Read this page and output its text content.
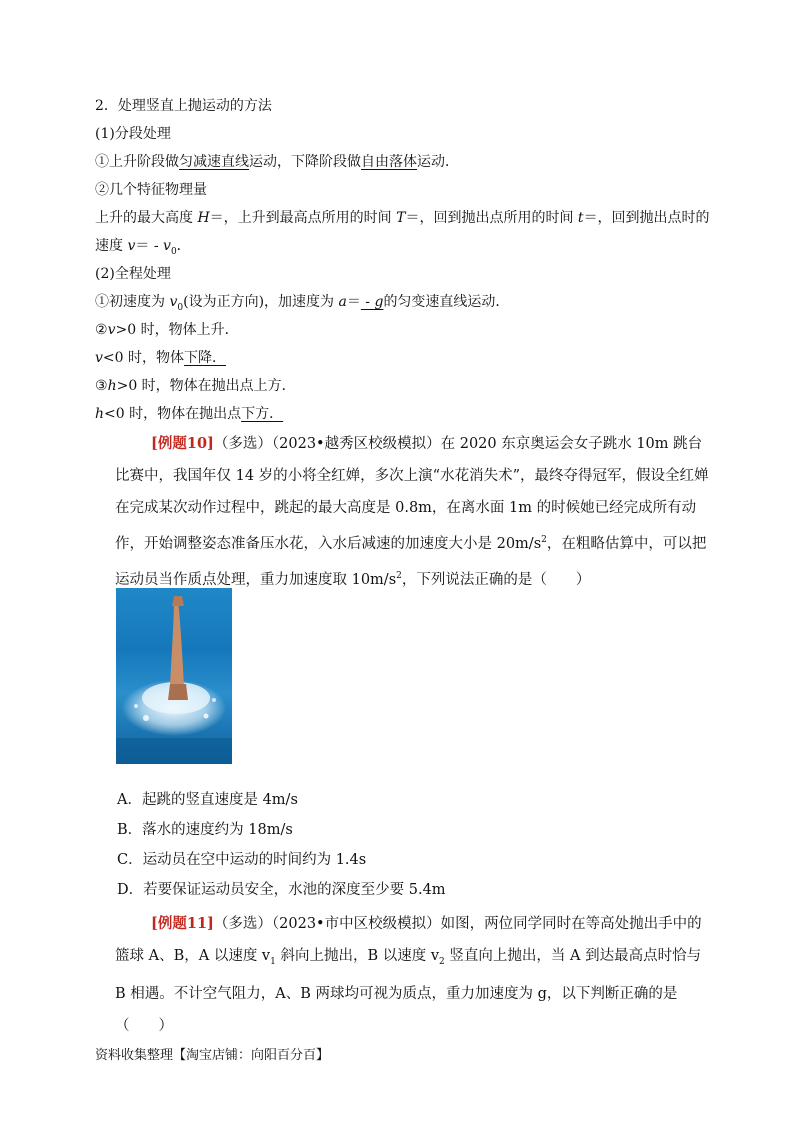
2．处理竖直上抛运动的方法
(1)分段处理
①上升阶段做匀减速直线运动，下降阶段做自由落体运动．
②几个特征物理量
上升的最大高度 H＝，上升到最高点所用的时间 T＝，回到抛出点所用的时间 t＝，回到抛出点时的
速度 $v= - v_0$．
(2)全程处理
①初速度为 $v_0$(设为正方向)，加速度为 a＝ - g的匀变速直线运动．
②v>0 时，物体上升．
v<0 时，物体下降．
③h>0 时，物体在抛出点上方．
h<0 时，物体在抛出点下方．
[例题10]（多选）（2023•越秀区校级模拟）在 2020 东京奥运会女子跳水 10m 跳台比赛中，我国年仅 14 岁的小将全红婵，多次上演“水花消失术”，最终夺得冠军，假设全红婵在完成某次动作过程中，跳起的最大高度是 0.8m，在离水面 1m 的时候她已经完成所有动作，开始调整姿态准备压水花，入水后减速的加速度大小是 $20m/s^2$，在粗略估算中，可以把运动员当作质点处理，重力加速度取 $10m/s^2$，下列说法正确的是（　　）
A．起跳的竖直速度是 4m/s
B．落水的速度约为 18m/s
C．运动员在空中运动的时间约为 1.4s
D．若要保证运动员安全，水池的深度至少要 5.4m
[例题11]（多选）（2023•市中区校级模拟）如图，两位同学同时在等高处抛出手中的篮球 A、B，A 以速度 $v_1$ 斜向上抛出，B 以速度 $v_2$ 竖直向上抛出，当 A 到达最高点时恰与 B 相遇。不计空气阻力，A、B 两球均可视为质点，重力加速度为 g，以下判断正确的是（　　）
资料收集整理【淘宝店铺：向阳百分百】
